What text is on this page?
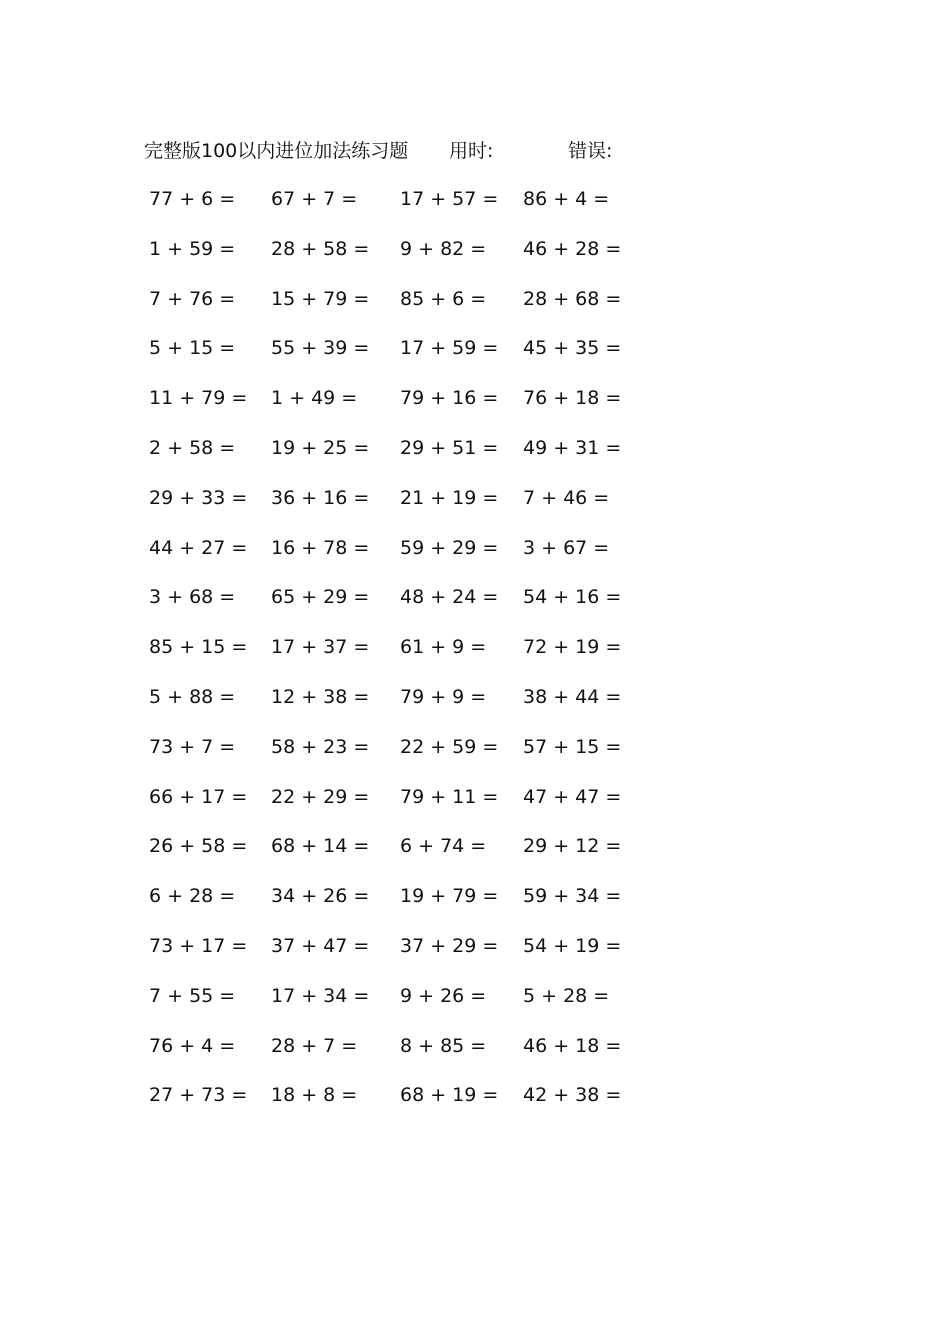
完整版100以内进位加法练习题 用时:	错误:
77 + 6 = 67 + 7 = 17 + 57 = 86 + 4 =
1 + 59 = 28 + 58 = 9 + 82 = 46 + 28 =
7 + 76 = 15 + 79 = 85 + 6 = 28 + 68 =
5 + 15 = 55 + 39 = 17 + 59 = 45 + 35 =
11 + 79 = 1 + 49 = 79 + 16 = 76 + 18 =
2 + 58 = 19 + 25 = 29 + 51 = 49 + 31 =
29 + 33 = 36 + 16 = 21 + 19 = 7 + 46 =
44 + 27 = 16 + 78 = 59 + 29 = 3 + 67 =
3 + 68 = 65 + 29 = 48 + 24 = 54 + 16 =
85 + 15 = 17 + 37 = 61 + 9 = 72 + 19 =
5 + 88 = 12 + 38 = 79 + 9 = 38 + 44 =
73 + 7 = 58 + 23 = 22 + 59 = 57 + 15 =
66 + 17 = 22 + 29 = 79 + 11 = 47 + 47 =
26 + 58 = 68 + 14 = 6 + 74 = 29 + 12 =
6 + 28 = 34 + 26 = 19 + 79 = 59 + 34 =
73 + 17 = 37 + 47 = 37 + 29 = 54 + 19 =
7 + 55 = 17 + 34 = 9 + 26 = 5 + 28 =
76 + 4 = 28 + 7 = 8 + 85 = 46 + 18 =
27 + 73 = 18 + 8 = 68 + 19 = 42 + 38 =
